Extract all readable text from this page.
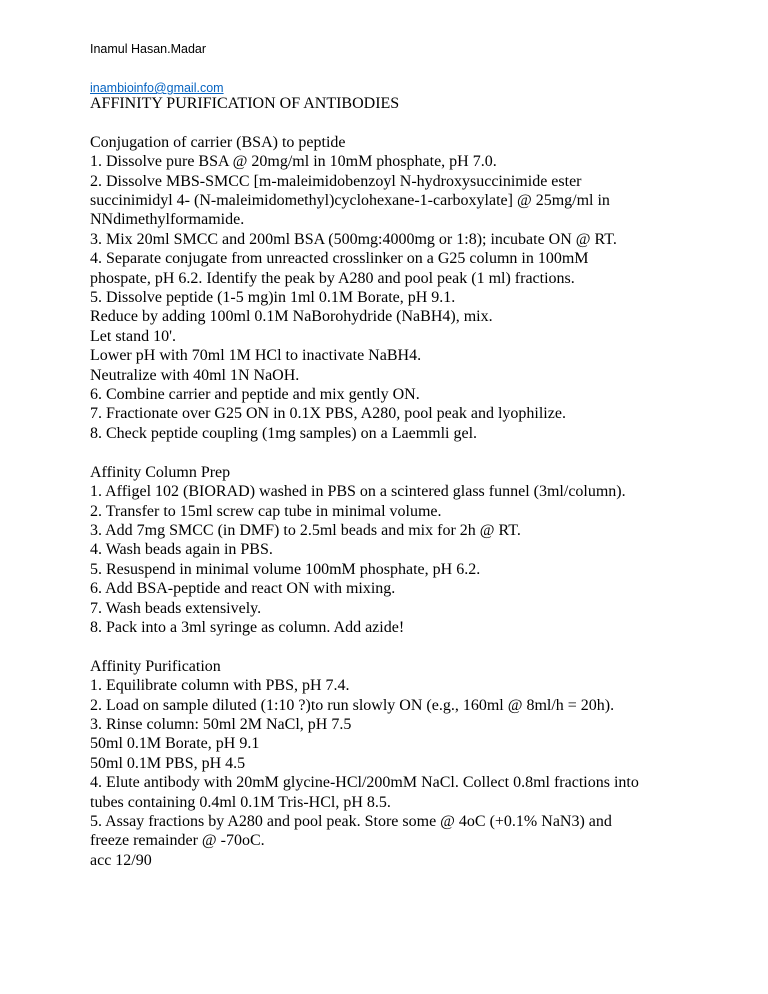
Inamul Hasan.Madar
inambioinfo@gmail.com
AFFINITY PURIFICATION OF ANTIBODIES
Conjugation of carrier (BSA) to peptide
1. Dissolve pure BSA @ 20mg/ml in 10mM phosphate, pH 7.0.
2. Dissolve MBS-SMCC [m-maleimidobenzoyl N-hydroxysuccinimide ester
succinimidyl 4- (N-maleimidomethyl)cyclohexane-1-carboxylate] @ 25mg/ml in
NNdimethylformamide.
3. Mix 20ml SMCC and 200ml BSA (500mg:4000mg or 1:8); incubate ON @ RT.
4. Separate conjugate from unreacted crosslinker on a G25 column in 100mM
phospate, pH 6.2. Identify the peak by A280 and pool peak (1 ml) fractions.
5. Dissolve peptide (1-5 mg)in 1ml 0.1M Borate, pH 9.1.
Reduce by adding 100ml 0.1M NaBorohydride (NaBH4), mix.
Let stand 10'.
Lower pH with 70ml 1M HCl to inactivate NaBH4.
Neutralize with 40ml 1N NaOH.
6. Combine carrier and peptide and mix gently ON.
7. Fractionate over G25 ON in 0.1X PBS, A280, pool peak and lyophilize.
8. Check peptide coupling (1mg samples) on a Laemmli gel.
Affinity Column Prep
1. Affigel 102 (BIORAD) washed in PBS on a scintered glass funnel (3ml/column).
2. Transfer to 15ml screw cap tube in minimal volume.
3. Add 7mg SMCC (in DMF) to 2.5ml beads and mix for 2h @ RT.
4. Wash beads again in PBS.
5. Resuspend in minimal volume 100mM phosphate, pH 6.2.
6. Add BSA-peptide and react ON with mixing.
7. Wash beads extensively.
8. Pack into a 3ml syringe as column. Add azide!
Affinity Purification
1. Equilibrate column with PBS, pH 7.4.
2. Load on sample diluted (1:10 ?)to run slowly ON (e.g., 160ml @ 8ml/h = 20h).
3. Rinse column: 50ml 2M NaCl, pH 7.5
50ml 0.1M Borate, pH 9.1
50ml 0.1M PBS, pH 4.5
4. Elute antibody with 20mM glycine-HCl/200mM NaCl. Collect 0.8ml fractions into
tubes containing 0.4ml 0.1M Tris-HCl, pH 8.5.
5. Assay fractions by A280 and pool peak. Store some @ 4oC (+0.1% NaN3) and
freeze remainder @ -70oC.
acc 12/90
